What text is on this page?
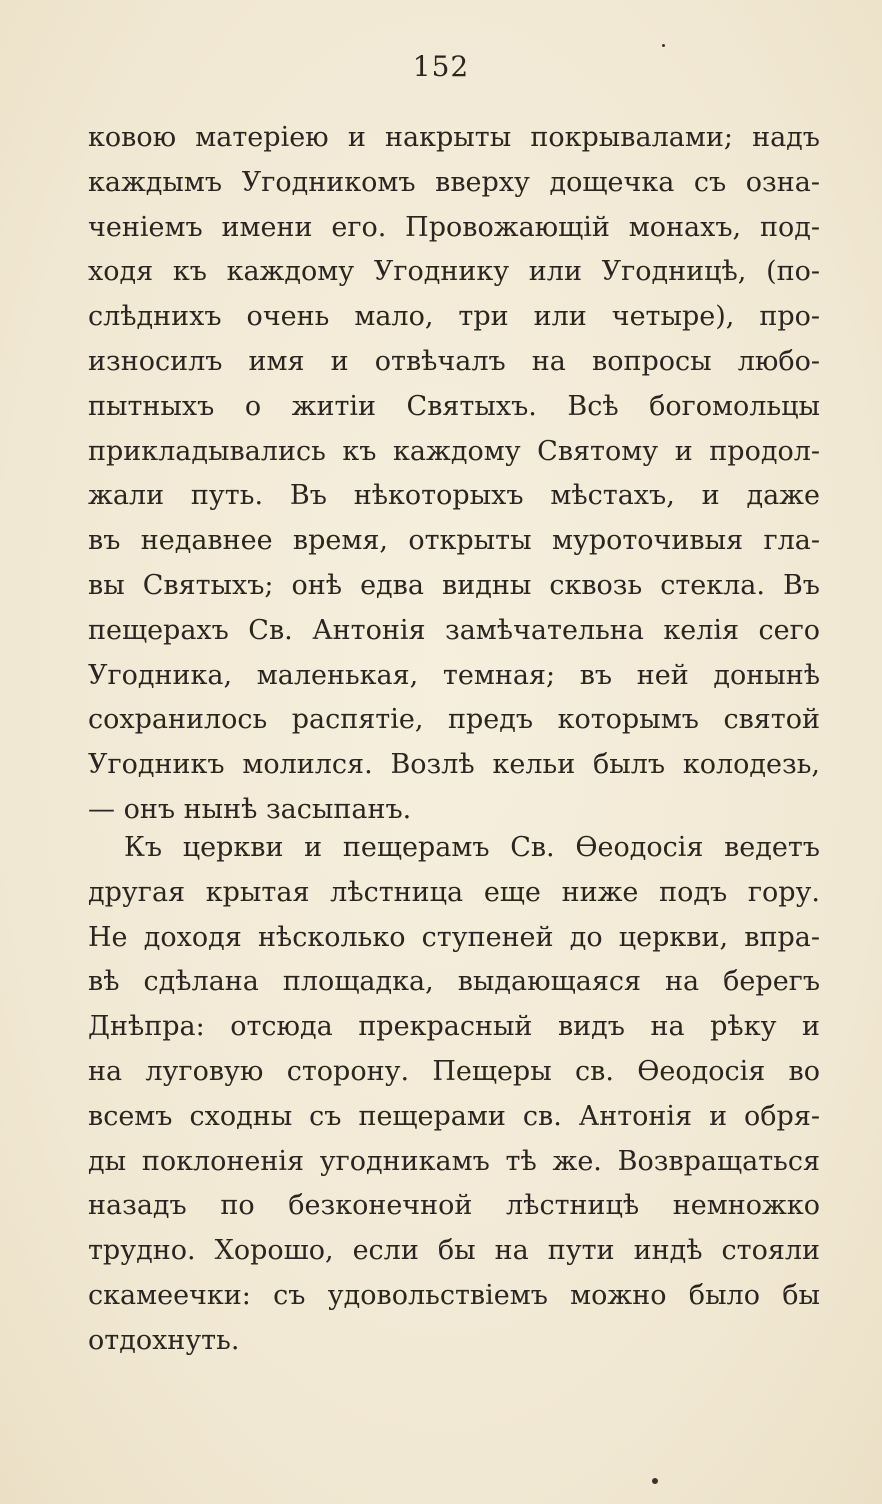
152
ковою матеріею и накрыты покрывалами; надъ
каждымъ Угодникомъ вверху дощечка съ озна-
ченіемъ имени его. Провожающій монахъ, под-
ходя къ каждому Угоднику или Угодницѣ, (по-
слѣднихъ очень мало, три или четыре), про-
износилъ имя и отвѣчалъ на вопросы любо-
пытныхъ о житіи Святыхъ. Всѣ богомольцы
прикладывались къ каждому Святому и продол-
жали путь. Въ нѣкоторыхъ мѣстахъ, и даже
въ недавнее время, открыты муроточивыя гла-
вы Святыхъ; онѣ едва видны сквозь стекла. Въ
пещерахъ Св. Антонія замѣчательна келія сего
Угодника, маленькая, темная; въ ней донынѣ
сохранилось распятіе, предъ которымъ святой
Угодникъ молился. Возлѣ кельи былъ колодезь,
— онъ нынѣ засыпанъ.
Къ церкви и пещерамъ Св. Ѳеодосія ведетъ
другая крытая лѣстница еще ниже подъ гору.
Не доходя нѣсколько ступеней до церкви, впра-
вѣ сдѣлана площадка, выдающаяся на берегъ
Днѣпра: отсюда прекрасный видъ на рѣку и
на луговую сторону. Пещеры св. Ѳеодосія во
всемъ сходны съ пещерами св. Антонія и обря-
ды поклоненія угодникамъ тѣ же. Возвращаться
назадъ по безконечной лѣстницѣ немножко
трудно. Хорошо, если бы на пути индѣ стояли
скамеечки: съ удовольствіемъ можно было бы
отдохнуть.
